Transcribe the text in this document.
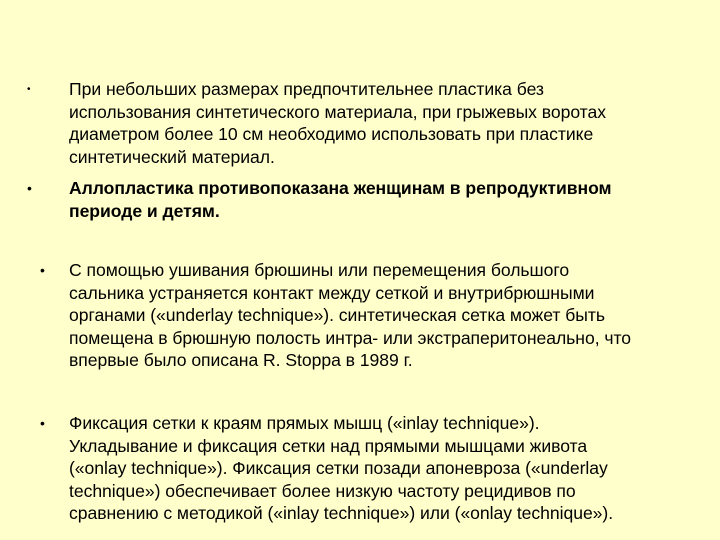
• При небольших размерах предпочтительнее пластика без
использования синтетического материала, при грыжевых воротах
диаметром более 10 см необходимо использовать при пластике
синтетический материал.
• Аллопластика противопоказана женщинам в репродуктивном
периоде и детям.
• С помощью ушивания брюшины или перемещения большого
сальника устраняется контакт между сеткой и внутрибрюшными
органами («underlay technique»). синтетическая сетка может быть
помещена в брюшную полость интра- или экстраперитонеально, что
впервые было описана R. Stoppa в 1989 г.
• Фиксация сетки к краям прямых мышц («inlay technique»).
Укладывание и фиксация сетки над прямыми мышцами живота
(«onlay technique»). Фиксация сетки позади апоневроза («underlay
technique») обеспечивает более низкую частоту рецидивов по
сравнению с методикой («inlay technique») или («onlay technique»).
